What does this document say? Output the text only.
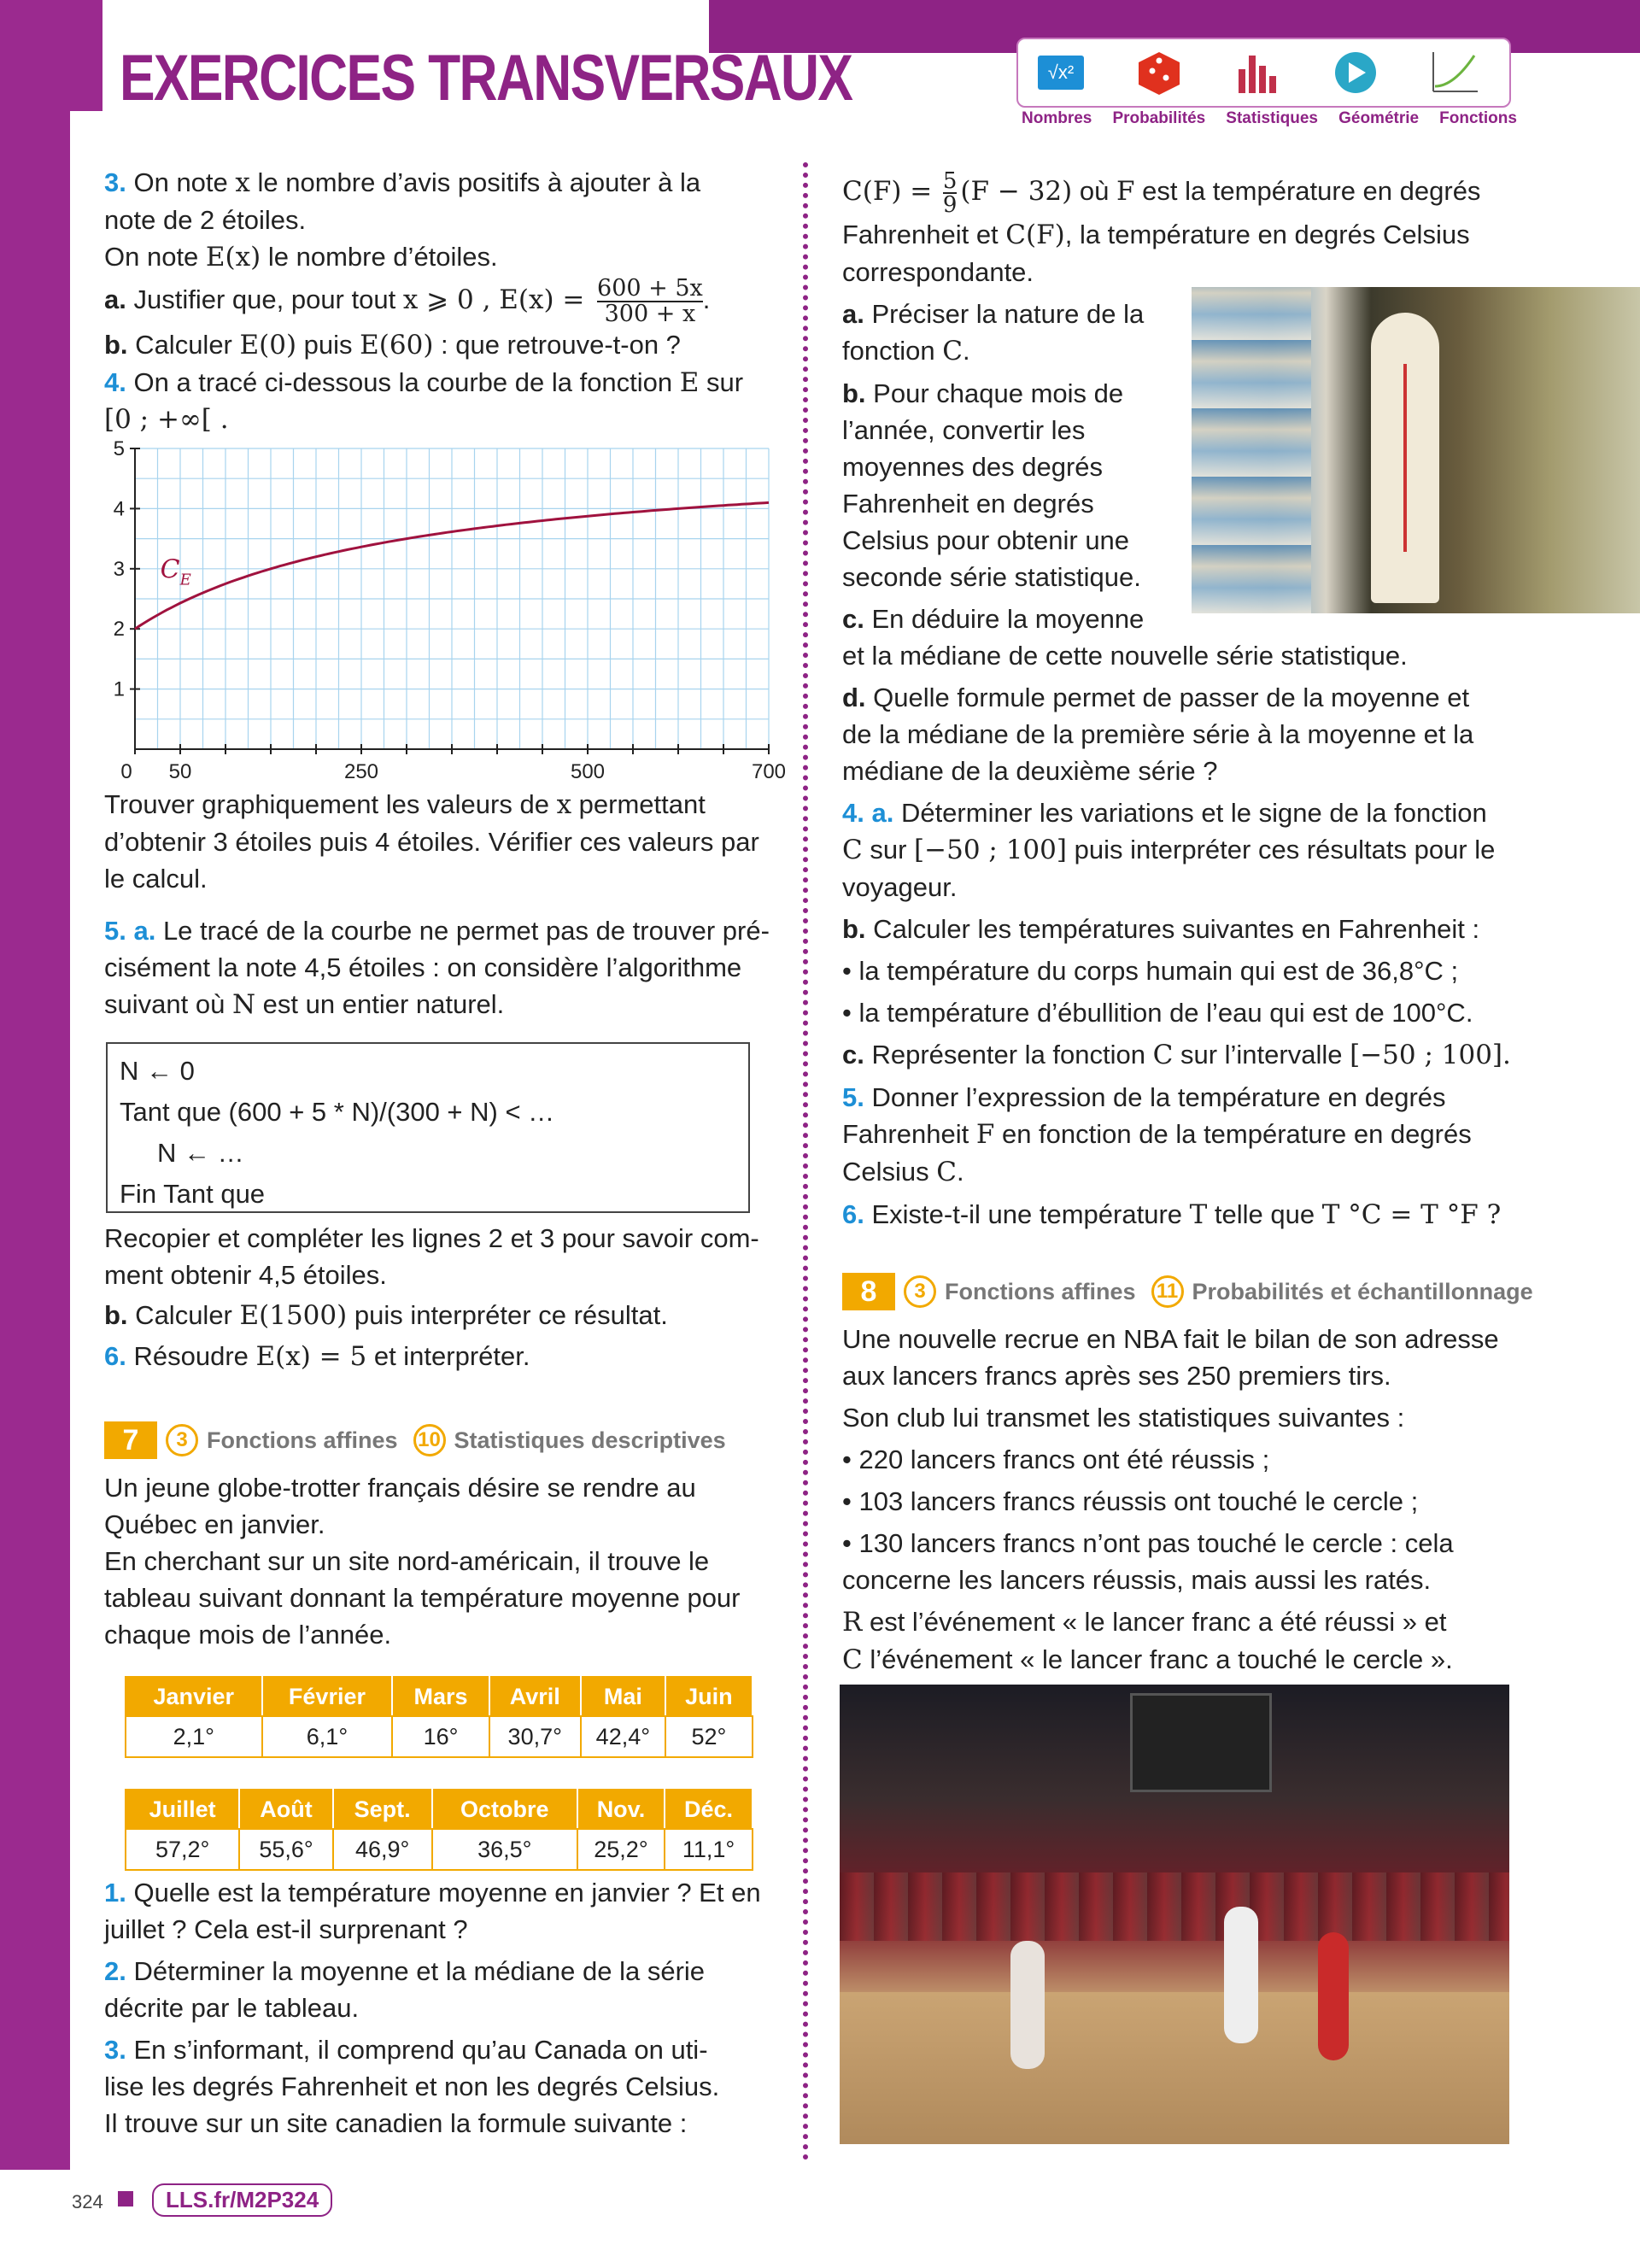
EXERCICES TRANSVERSAUX	√x²
Nombres Probabilités Statistiques Géométrie Fonctions

3. On note x le nombre d’avis positifs à ajouter à la

note de 2 étoiles.

On note E(x) le nombre d’étoiles.

a. Justifier que, pour tout x ⩾ 0 , $E(x) = \frac{600 + 5x}{300 + x}$ .

b. Calculer E(0) puis E(60) : que retrouve-t-on ?

4. On a tracé ci-dessous la courbe de la fonction E sur

[0 ; +∞[ .

0 50	250	500	700
1
2
3
4
5
$C_E$

Trouver graphiquement les valeurs de x permettant

d’obtenir 3 étoiles puis 4 étoiles. Vérifier ces valeurs par

le calcul.

5. a. Le tracé de la courbe ne permet pas de trouver pré-

cisément la note 4,5 étoiles : on considère l’algorithme

suivant où N est un entier naturel.

N ← 0
Tant que (600 + 5 * N)/(300 + N) < …
N ← …
Fin Tant que

Recopier et compléter les lignes 2 et 3 pour savoir com-

ment obtenir 4,5 étoiles.

b. Calculer E(1500) puis interpréter ce résultat.

6. Résoudre E(x) = 5 et interpréter.

7	3 Fonctions affines 10 Statistiques descriptives

Un jeune globe-trotter français désire se rendre au

Québec en janvier.

En cherchant sur un site nord-américain, il trouve le

tableau suivant donnant la température moyenne pour

chaque mois de l’année.

Janvier	Février	Mars	Avril	Mai	Juin
2,1°	6,1°	16°	30,7°	42,4°	52°
Juillet	Août	Sept.	Octobre	Nov.	Déc.
57,2°	55,6°	46,9°	36,5°	25,2°	11,1°

1. Quelle est la température moyenne en janvier ? Et en

juillet ? Cela est-il surprenant ?

2. Déterminer la moyenne et la médiane de la série

décrite par le tableau.

3. En s’informant, il comprend qu’au Canada on uti-

lise les degrés Fahrenheit et non les degrés Celsius.

Il trouve sur un site canadien la formule suivante :

$C(F) = \frac{5}{9} (F - 32)$ où F est la température en degrés

Fahrenheit et C(F), la température en degrés Celsius

correspondante.

a. Préciser la nature de la

fonction C.

b. Pour chaque mois de

l’année, convertir les

moyennes des degrés

Fahrenheit en degrés

Celsius pour obtenir une

seconde série statistique.

c. En déduire la moyenne

et la médiane de cette nouvelle série statistique.

d. Quelle formule permet de passer de la moyenne et

de la médiane de la première série à la moyenne et la

médiane de la deuxième série ?

4. a. Déterminer les variations et le signe de la fonction

C sur [−50 ; 100] puis interpréter ces résultats pour le

voyageur.

b. Calculer les températures suivantes en Fahrenheit :

• la température du corps humain qui est de 36,8°C ;

• la température d’ébullition de l’eau qui est de 100°C.

c. Représenter la fonction C sur l’intervalle [−50 ; 100].

5. Donner l’expression de la température en degrés

Fahrenheit F en fonction de la température en degrés

Celsius C.

6. Existe-t-il une température T telle que T °C = T °F ?

8	3 Fonctions affines 11 Probabilités et échantillonnage

Une nouvelle recrue en NBA fait le bilan de son adresse

aux lancers francs après ses 250 premiers tirs.

Son club lui transmet les statistiques suivantes :

• 220 lancers francs ont été réussis ;

• 103 lancers francs réussis ont touché le cercle ;

• 130 lancers francs n’ont pas touché le cercle : cela

concerne les lancers réussis, mais aussi les ratés.

R est l’événement « le lancer franc a été réussi » et

C l’événement « le lancer franc a touché le cercle ».

324	LLS.fr/M2P324
